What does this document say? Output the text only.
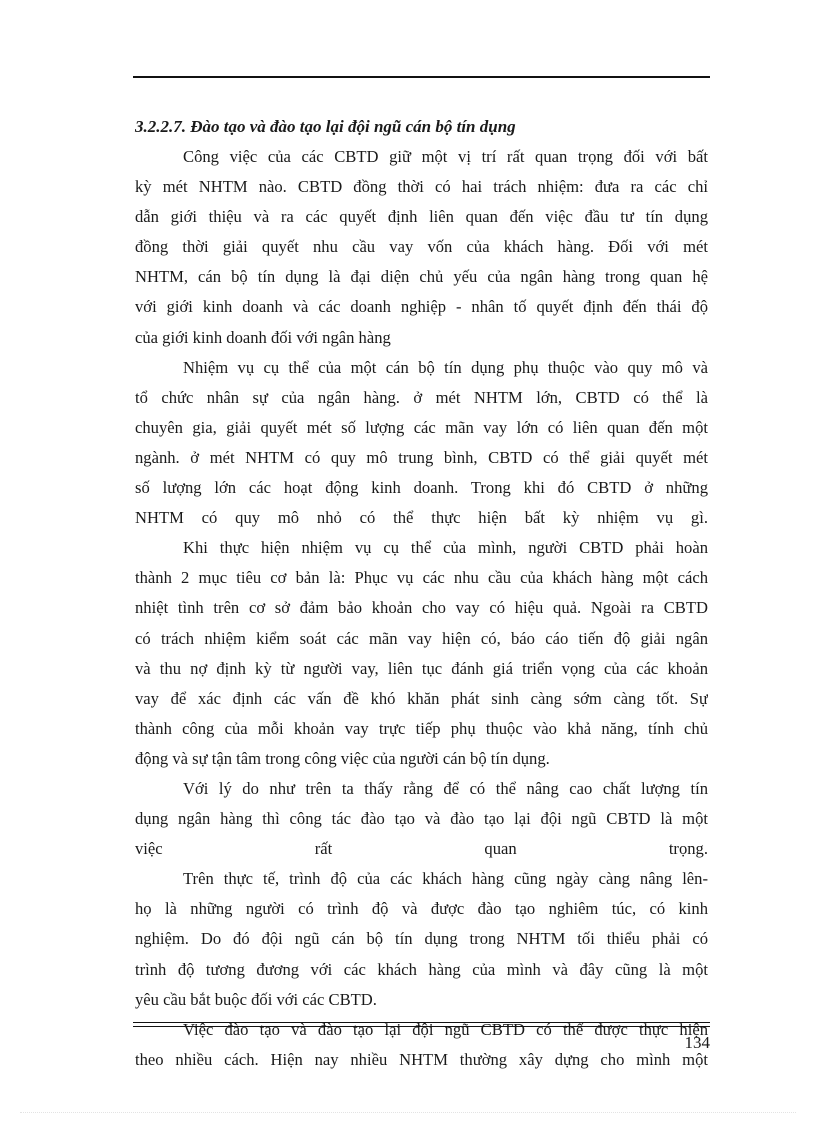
3.2.2.7. Đào tạo và đào tạo lại đội ngũ cán bộ tín dụng
Công việc của các CBTD giữ một vị trí rất quan trọng đối với bất
kỳ mét NHTM nào. CBTD đồng thời có hai trách nhiệm: đưa ra các chỉ
dẫn giới thiệu và ra các quyết định liên quan đến việc đầu tư tín dụng
đồng thời giải quyết nhu cầu vay vốn của khách hàng. Đối với mét
NHTM, cán bộ tín dụng là đại diện chủ yếu của ngân hàng trong quan hệ
với giới kinh doanh và các doanh nghiệp - nhân tố quyết định đến thái độ
của giới kinh doanh đối với ngân hàng
Nhiệm vụ cụ thể của một cán bộ tín dụng phụ thuộc vào quy mô và
tổ chức nhân sự của ngân hàng. ở mét NHTM lớn, CBTD có thể là
chuyên gia, giải quyết mét số lượng các mãn vay lớn có liên quan đến một
ngành. ở mét NHTM có quy mô trung bình, CBTD có thể giải quyết mét
số lượng lớn các hoạt động kinh doanh. Trong khi đó CBTD ở những
NHTM có quy mô nhỏ có thể thực hiện bất kỳ nhiệm vụ gì.
Khi thực hiện nhiệm vụ cụ thể của mình, người CBTD phải hoàn
thành 2 mục tiêu cơ bản là: Phục vụ các nhu cầu của khách hàng một cách
nhiệt tình trên cơ sở đảm bảo khoản cho vay có hiệu quả. Ngoài ra CBTD
có trách nhiệm kiểm soát các mãn vay hiện có, báo cáo tiến độ giải ngân
và thu nợ định kỳ từ người vay, liên tục đánh giá triển vọng của các khoản
vay để xác định các vấn đề khó khăn phát sinh càng sớm càng tốt. Sự
thành công của mỗi khoản vay trực tiếp phụ thuộc vào khả năng, tính chủ
động và sự tận tâm trong công việc của người cán bộ tín dụng.
Với lý do như trên ta thấy rằng để có thể nâng cao chất lượng tín
dụng ngân hàng thì công tác đào tạo và đào tạo lại đội ngũ CBTD là một
việc rất quan trọng.
Trên thực tế, trình độ của các khách hàng cũng ngày càng nâng lên-
họ là những người có trình độ và được đào tạo nghiêm túc, có kinh
nghiệm. Do đó đội ngũ cán bộ tín dụng trong NHTM tối thiểu phải có
trình độ tương đương với các khách hàng của mình và đây cũng là một
yêu cầu bắt buộc đối với các CBTD.
Việc đào tạo và đào tạo lại đội ngũ CBTD có thể được thực hiện
theo nhiều cách. Hiện nay nhiều NHTM thường xây dựng cho mình một
134
